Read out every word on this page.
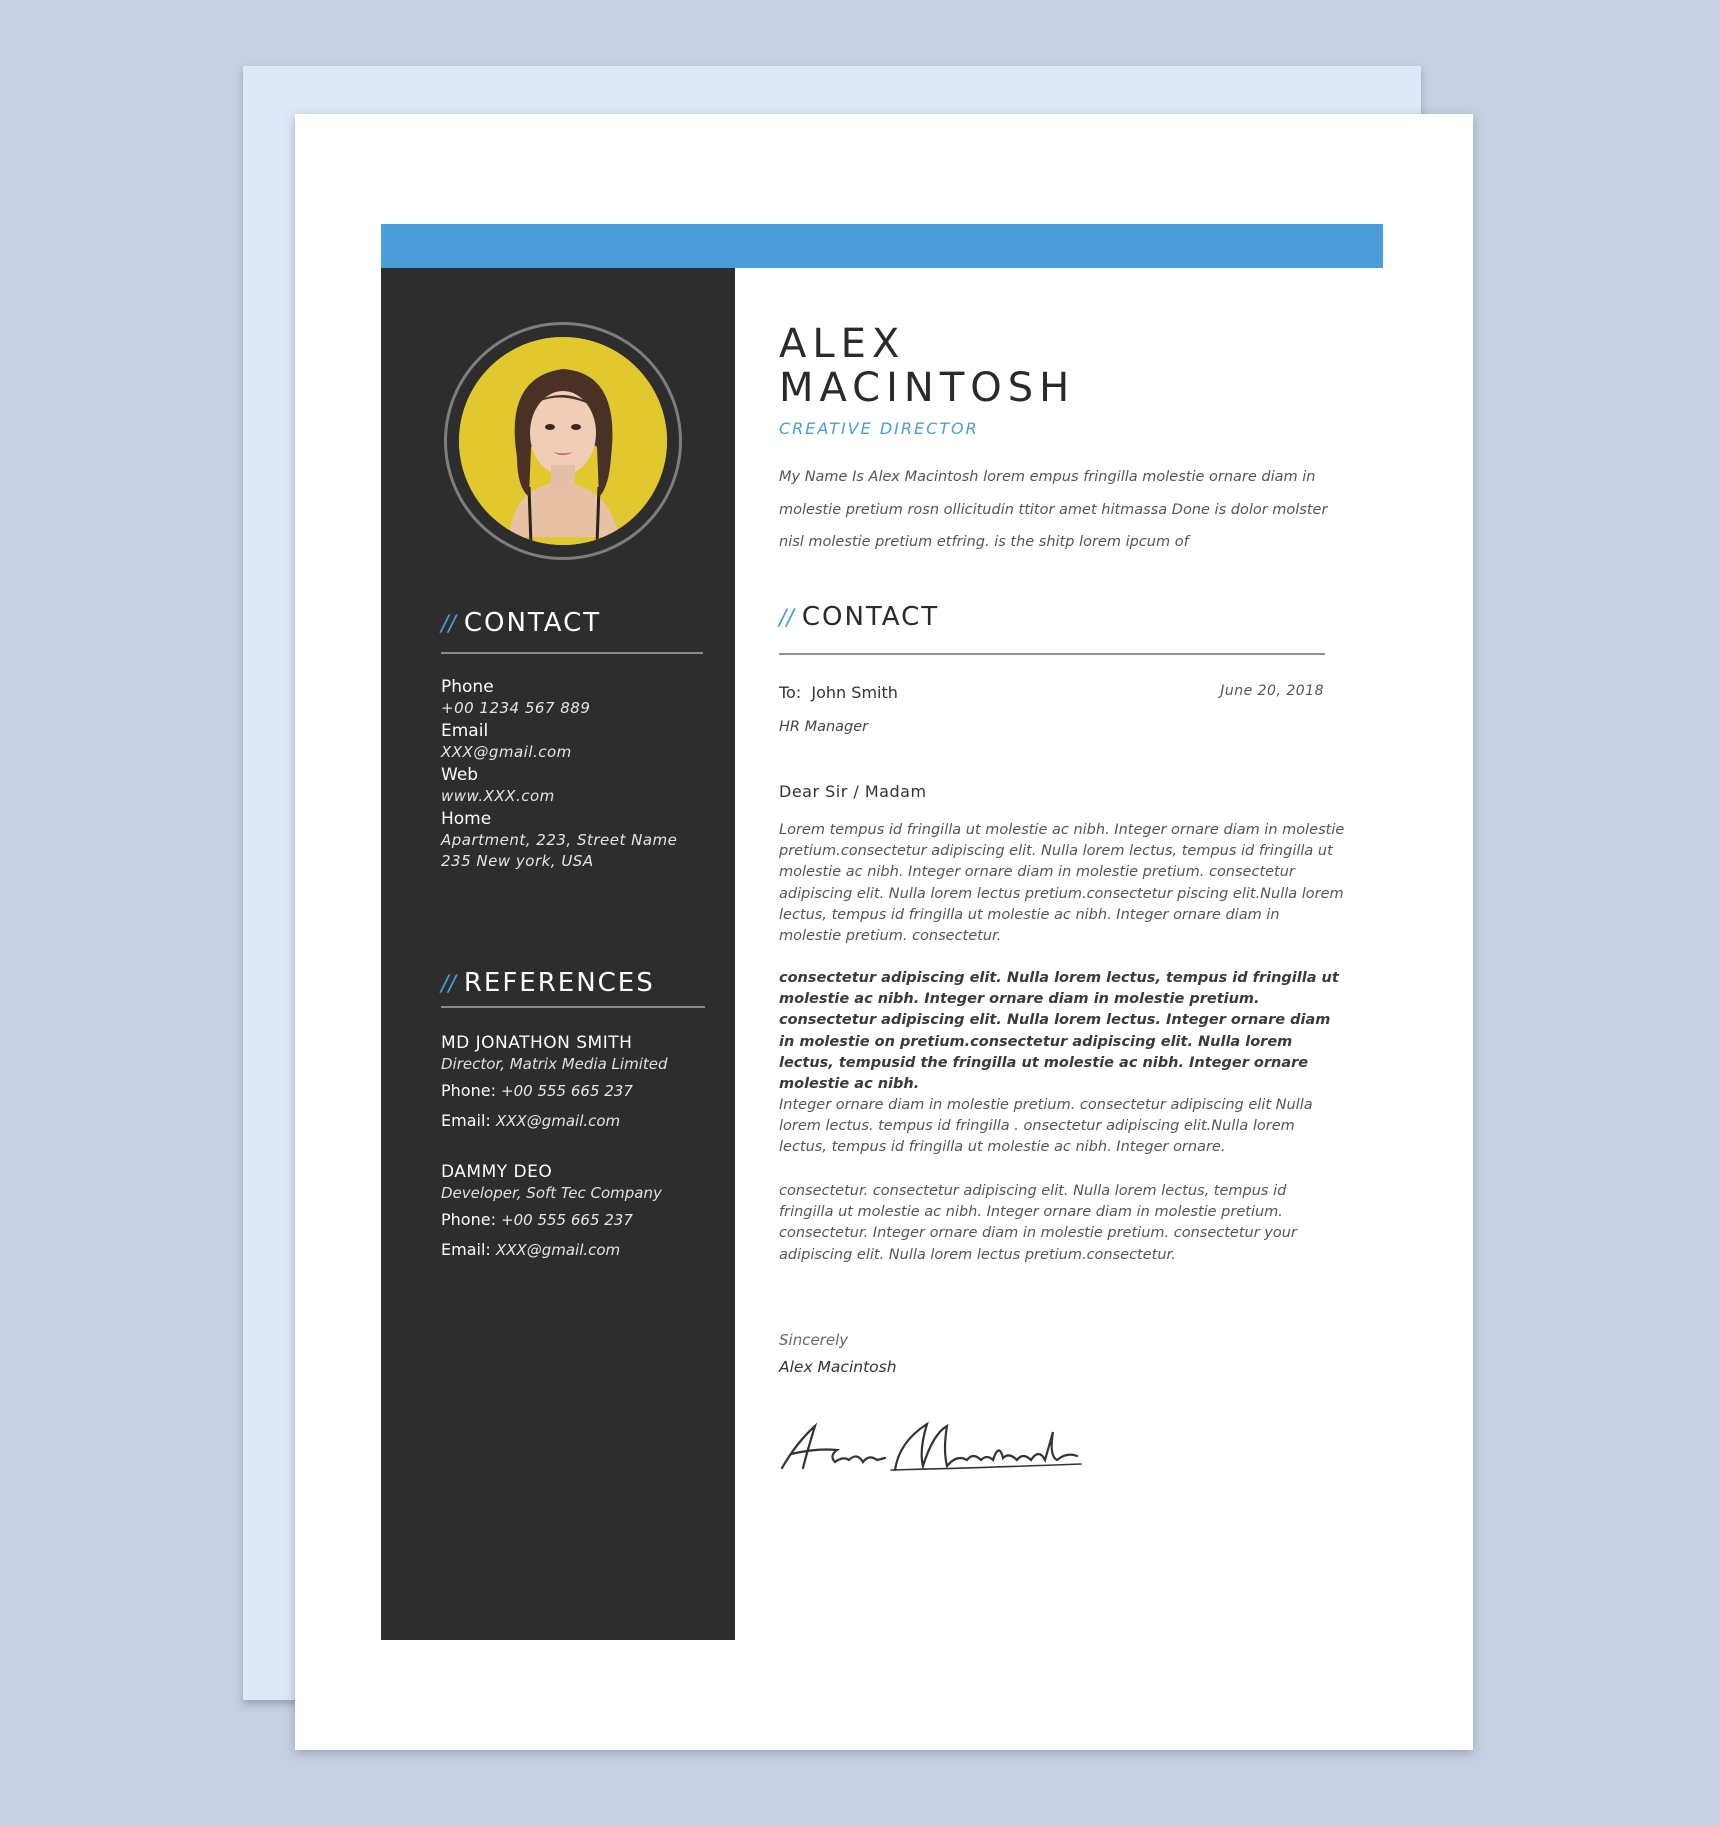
// CONTACT
Phone
+00 1234 567 889
Email
XXX@gmail.com
Web
www.XXX.com
Home
Apartment, 223, Street Name
235 New york, USA
// REFERENCES
MD JONATHON SMITH
Director, Matrix Media Limited
Phone: +00 555 665 237
Email: XXX@gmail.com
DAMMY DEO
Developer, Soft Tec Company
Phone: +00 555 665 237
Email: XXX@gmail.com
ALEX
MACINTOSH
CREATIVE DIRECTOR
My Name Is Alex Macintosh lorem empus fringilla molestie ornare diam in molestie pretium rosn ollicitudin ttitor amet hitmassa Done is dolor molster nisl molestie pretium etfring. is the shitp lorem ipcum of
// CONTACT
To: John Smith	June 20, 2018
HR Manager
Dear Sir / Madam
Lorem tempus id fringilla ut molestie ac nibh. Integer ornare diam in molestie pretium.consectetur adipiscing elit. Nulla lorem lectus, tempus id fringilla ut molestie ac nibh. Integer ornare diam in molestie pretium. consectetur adipiscing elit. Nulla lorem lectus pretium.consectetur piscing elit.Nulla lorem lectus, tempus id fringilla ut molestie ac nibh. Integer ornare diam in molestie pretium. consectetur.
consectetur adipiscing elit. Nulla lorem lectus, tempus id fringilla ut molestie ac nibh. Integer ornare diam in molestie pretium. consectetur adipiscing elit. Nulla lorem lectus. Integer ornare diam in molestie on pretium.consectetur adipiscing elit. Nulla lorem lectus, tempusid the fringilla ut molestie ac nibh. Integer ornare molestie ac nibh.
Integer ornare diam in molestie pretium. consectetur adipiscing elit Nulla lorem lectus. tempus id fringilla . onsectetur adipiscing elit.Nulla lorem lectus, tempus id fringilla ut molestie ac nibh. Integer ornare.
consectetur. consectetur adipiscing elit. Nulla lorem lectus, tempus id fringilla ut molestie ac nibh. Integer ornare diam in molestie pretium. consectetur. Integer ornare diam in molestie pretium. consectetur your adipiscing elit. Nulla lorem lectus pretium.consectetur.
Sincerely
Alex Macintosh
